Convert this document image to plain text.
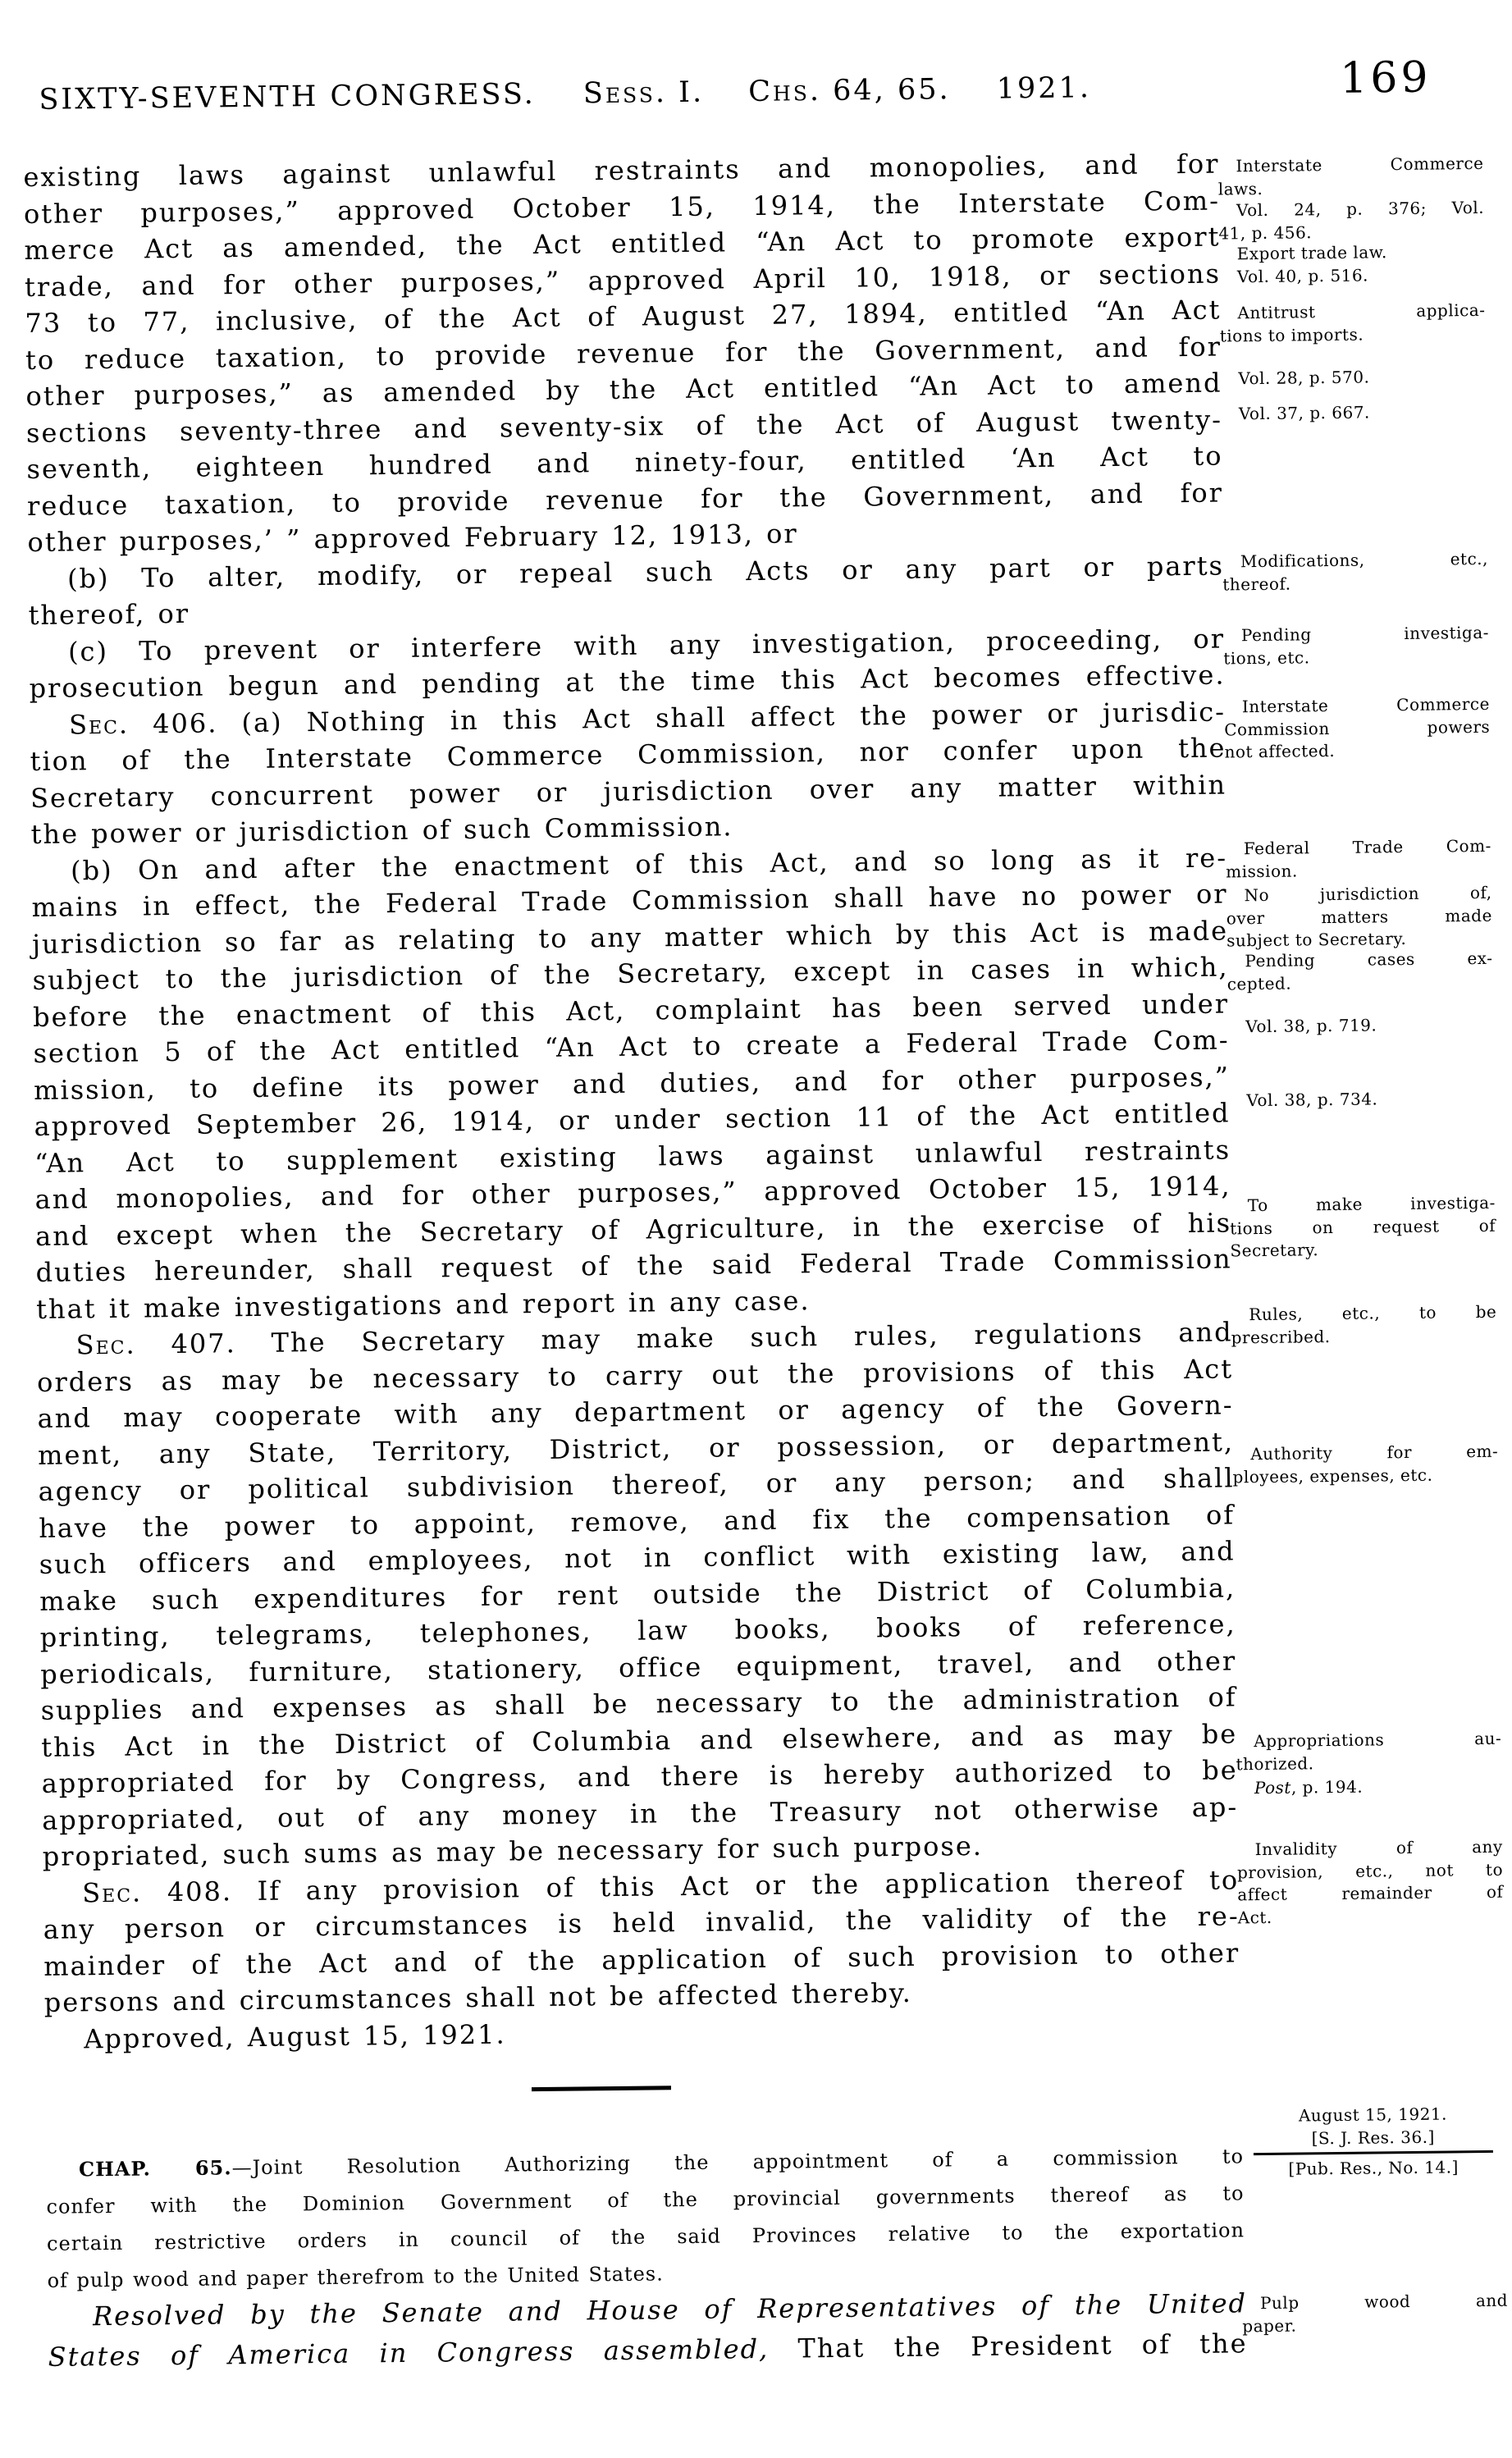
SIXTY-SEVENTH CONGRESS. Sess. I. Chs. 64, 65. 1921.	169
existing laws against unlawful restraints and monopolies, and for
other purposes,” approved October 15, 1914, the Interstate Com-
merce Act as amended, the Act entitled “An Act to promote export
trade, and for other purposes,” approved April 10, 1918, or sections
73 to 77, inclusive, of the Act of August 27, 1894, entitled “An Act
to reduce taxation, to provide revenue for the Government, and for
other purposes,” as amended by the Act entitled “An Act to amend
sections seventy-three and seventy-six of the Act of August twenty-
seventh, eighteen hundred and ninety-four, entitled ‘An Act to
reduce taxation, to provide revenue for the Government, and for
other purposes,’ ” approved February 12, 1913, or
(b) To alter, modify, or repeal such Acts or any part or parts
thereof, or
(c) To prevent or interfere with any investigation, proceeding, or
prosecution begun and pending at the time this Act becomes effective.
Sec. 406. (a) Nothing in this Act shall affect the power or jurisdic-
tion of the Interstate Commerce Commission, nor confer upon the
Secretary concurrent power or jurisdiction over any matter within
the power or jurisdiction of such Commission.
(b) On and after the enactment of this Act, and so long as it re-
mains in effect, the Federal Trade Commission shall have no power or
jurisdiction so far as relating to any matter which by this Act is made
subject to the jurisdiction of the Secretary, except in cases in which,
before the enactment of this Act, complaint has been served under
section 5 of the Act entitled “An Act to create a Federal Trade Com-
mission, to define its power and duties, and for other purposes,”
approved September 26, 1914, or under section 11 of the Act entitled
“An Act to supplement existing laws against unlawful restraints
and monopolies, and for other purposes,” approved October 15, 1914,
and except when the Secretary of Agriculture, in the exercise of his
duties hereunder, shall request of the said Federal Trade Commission
that it make investigations and report in any case.
Sec. 407. The Secretary may make such rules, regulations and
orders as may be necessary to carry out the provisions of this Act
and may cooperate with any department or agency of the Govern-
ment, any State, Territory, District, or possession, or department,
agency or political subdivision thereof, or any person; and shall
have the power to appoint, remove, and fix the compensation of
such officers and employees, not in conflict with existing law, and
make such expenditures for rent outside the District of Columbia,
printing, telegrams, telephones, law books, books of reference,
periodicals, furniture, stationery, office equipment, travel, and other
supplies and expenses as shall be necessary to the administration of
this Act in the District of Columbia and elsewhere, and as may be
appropriated for by Congress, and there is hereby authorized to be
appropriated, out of any money in the Treasury not otherwise ap-
propriated, such sums as may be necessary for such purpose.
Sec. 408. If any provision of this Act or the application thereof to
any person or circumstances is held invalid, the validity of the re-
mainder of the Act and of the application of such provision to other
persons and circumstances shall not be affected thereby.
Approved, August 15, 1921.
CHAP. 65.—Joint Resolution Authorizing the appointment of a commission to
confer with the Dominion Government of the provincial governments thereof as to
certain restrictive orders in council of the said Provinces relative to the exportation
of pulp wood and paper therefrom to the United States.
Resolved by the Senate and House of Representatives of the United
States of America in Congress assembled, That the President of the
Interstate Commerce
laws.
Vol. 24, p. 376; Vol.
41, p. 456.
Export trade law.
Vol. 40, p. 516.
Antitrust applica-
tions to imports.
Vol. 28, p. 570.
Vol. 37, p. 667.
Modifications, etc.,
thereof.
Pending investiga-
tions, etc.
Interstate Commerce
Commission powers
not affected.
Federal Trade Com-
mission.
No jurisdiction of,
over matters made
subject to Secretary.
Pending cases ex-
cepted.
Vol. 38, p. 719.
Vol. 38, p. 734.
To make investiga-
tions on request of
Secretary.
Rules, etc., to be
prescribed.
Authority for em-
ployees, expenses, etc.
Appropriations au-
thorized.
Post, p. 194.
Invalidity of any
provision, etc., not to
affect remainder of
Act.
Pulp wood and
paper.
August 15, 1921.
[S. J. Res. 36.]
[Pub. Res., No. 14.]
